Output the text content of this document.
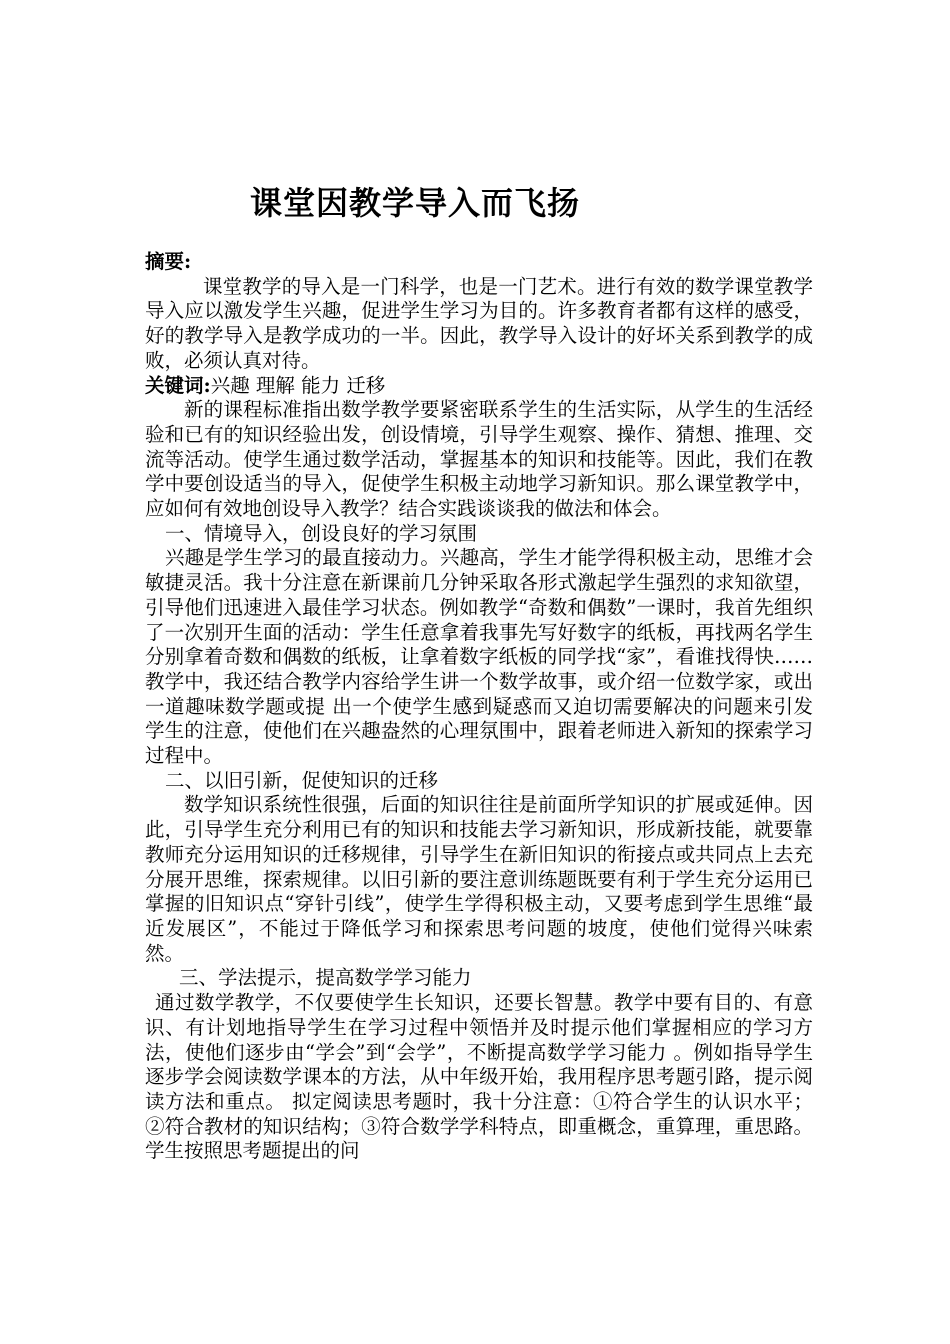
课堂因教学导入而飞扬

摘要:

课堂教学的导入是一门科学，也是一门艺术。进行有效的数学课堂教学导入应以激发学生兴趣，促进学生学习为目的。许多教育者都有这样的感受，好的教学导入是教学成功的一半。因此，教学导入设计的好坏关系到教学的成败，必须认真对待。

关键词:兴趣 理解 能力 迁移

新的课程标准指出数学教学要紧密联系学生的生活实际，从学生的生活经验和已有的知识经验出发，创设情境，引导学生观察、操作、猜想、推理、交流等活动。使学生通过数学活动，掌握基本的知识和技能等。因此，我们在教学中要创设适当的导入，促使学生积极主动地学习新知识。那么课堂教学中，应如何有效地创设导入教学？结合实践谈谈我的做法和体会。

一、情境导入，创设良好的学习氛围

兴趣是学生学习的最直接动力。兴趣高，学生才能学得积极主动，思维才会敏捷灵活。我十分注意在新课前几分钟采取各形式激起学生强烈的求知欲望，引导他们迅速进入最佳学习状态。例如教学“奇数和偶数”一课时，我首先组织了一次别开生面的活动：学生任意拿着我事先写好数字的纸板，再找两名学生分别拿着奇数和偶数的纸板，让拿着数字纸板的同学找“家”，看谁找得快……教学中，我还结合教学内容给学生讲一个数学故事，或介绍一位数学家，或出一道趣味数学题或提 出一个使学生感到疑惑而又迫切需要解决的问题来引发学生的注意，使他们在兴趣盎然的心理氛围中，跟着老师进入新知的探索学习过程中。

二、以旧引新，促使知识的迁移

数学知识系统性很强，后面的知识往往是前面所学知识的扩展或延伸。因此，引导学生充分利用已有的知识和技能去学习新知识，形成新技能，就要靠教师充分运用知识的迁移规律，引导学生在新旧知识的衔接点或共同点上去充分展开思维，探索规律。以旧引新的要注意训练题既要有利于学生充分运用已掌握的旧知识点“穿针引线”，使学生学得积极主动，又要考虑到学生思维“最近发展区”，不能过于降低学习和探索思考问题的坡度，使他们觉得兴味索然。

三、学法提示，提高数学学习能力

通过数学教学，不仅要使学生长知识，还要长智慧。教学中要有目的、有意识、有计划地指导学生在学习过程中领悟并及时提示他们掌握相应的学习方法，使他们逐步由“学会”到“会学”，不断提高数学学习能力 。例如指导学生逐步学会阅读数学课本的方法，从中年级开始，我用程序思考题引路，提示阅读方法和重点。 拟定阅读思考题时，我十分注意：①符合学生的认识水平；②符合教材的知识结构；③符合数学学科特点，即重概念，重算理，重思路。学生按照思考题提出的问
